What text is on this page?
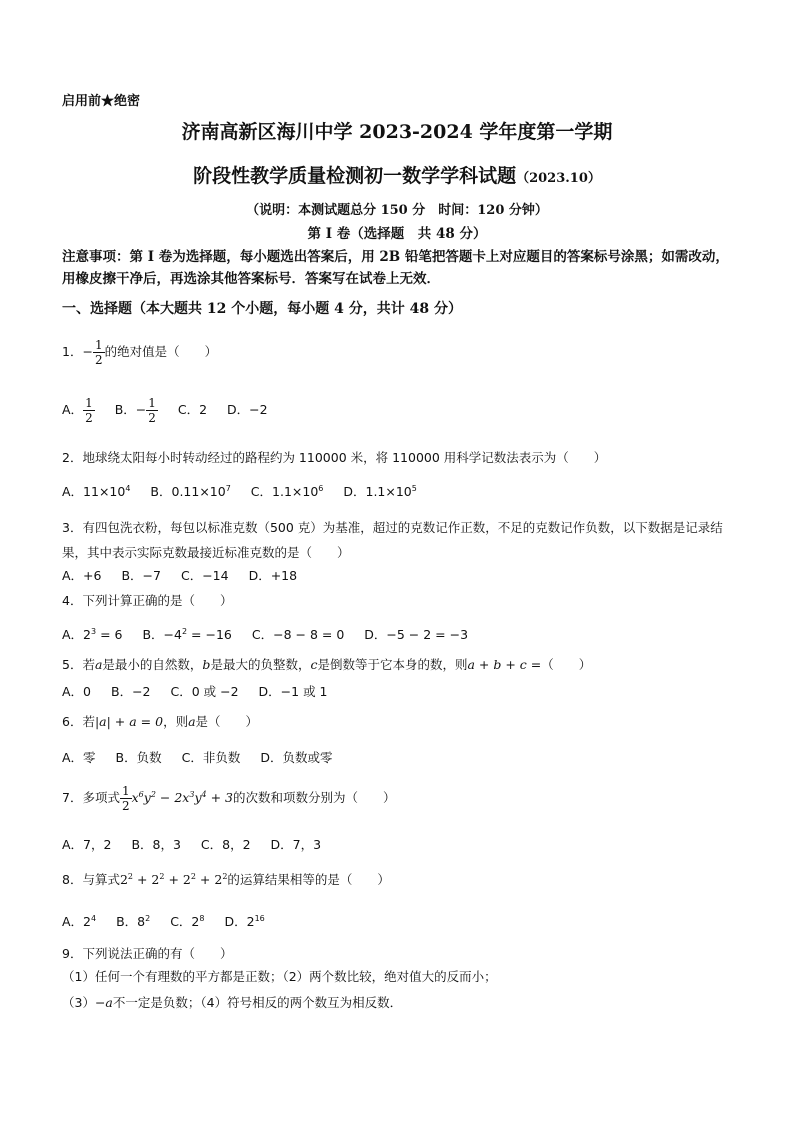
启用前★绝密
济南高新区海川中学 2023-2024 学年度第一学期
阶段性教学质量检测初一数学学科试题（2023.10）
（说明：本测试题总分 150 分　时间：120 分钟）
第 I 卷（选择题　共 48 分）
注意事项：第 I 卷为选择题，每小题选出答案后，用 2B 铅笔把答题卡上对应题目的答案标号涂黑；如需改动，用橡皮擦干净后，再选涂其他答案标号．答案写在试卷上无效．
一、选择题（本大题共 12 个小题，每小题 4 分，共计 48 分）
1．− $\frac{1}{2}$ 的绝对值是（　　）
A． $\frac{1}{2}$ B．− $\frac{1}{2}$ C．2 D．−2
2．地球绕太阳每小时转动经过的路程约为 110000 米，将 110000 用科学记数法表示为（　　）
A．$11\times 10^4$ B．$0.11\times 10^7$ C．$1.1\times 10^6$ D．$1.1\times 10^5$
3．有四包洗衣粉，每包以标准克数（500 克）为基准，超过的克数记作正数，不足的克数记作负数，以下数据是记录结果，其中表示实际克数最接近标准克数的是（　　）
A．+6 B．−7 C．−14 D．+18
4．下列计算正确的是（　　）
A．$2^3 = 6$ B．$-4^2 = -16$ C．−8 − 8 = 0 D．−5 − 2 = −3
5．若a是最小的自然数，b是最大的负整数，c是倒数等于它本身的数，则a + b + c =（　　）
A．0 B．−2 C．0 或 −2 D．−1 或 1
6．若|a| + a = 0，则a是（　　）
A．零 B．负数 C．非负数 D．负数或零
7．多项式 $\frac{1}{2} x^6y^2 - 2x^3y^4 + 3$的次数和项数分别为（　　）
A．7，2 B．8，3 C．8，2 D．7，3
8．与算式$2^2 + 2^2 + 2^2 + 2^2$的运算结果相等的是（　　）
A．$2^4$ B．$8^2$ C．$2^8$ D．$2^{16}$
9．下列说法正确的有（　　）
（1）任何一个有理数的平方都是正数；（2）两个数比较，绝对值大的反而小；
（3）−a不一定是负数；（4）符号相反的两个数互为相反数．
